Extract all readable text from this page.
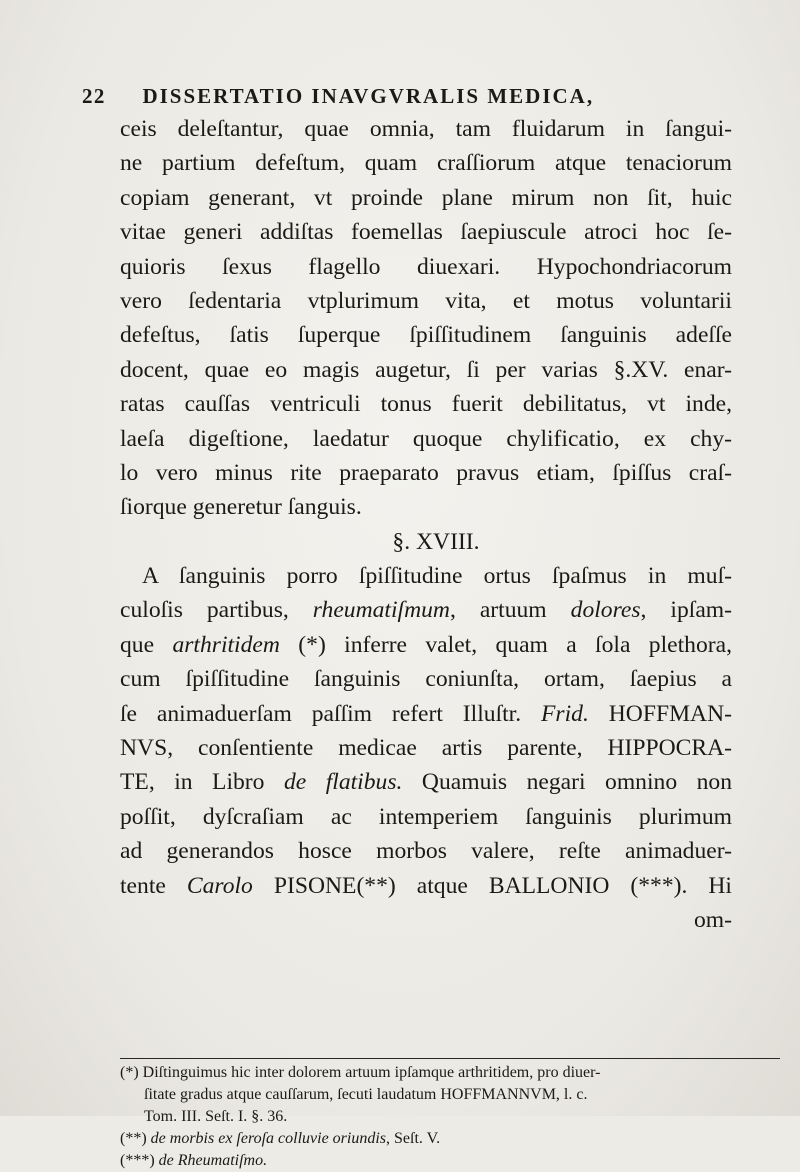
22 DISSERTATIO INAVGVRALIS MEDICA,
ceis deleſtantur, quae omnia, tam fluidarum in ſangui-
ne partium defeſtum, quam craſſiorum atque tenaciorum
copiam generant, vt proinde plane mirum non ſit, huic
vitae generi addiſtas foemellas ſaepiuscule atroci hoc ſe-
quioris ſexus flagello diuexari. Hypochondriacorum
vero ſedentaria vtplurimum vita, et motus voluntarii
defeſtus, ſatis ſuperque ſpiſſitudinem ſanguinis adeſſe
docent, quae eo magis augetur, ſi per varias §.XV. enar-
ratas cauſſas ventriculi tonus fuerit debilitatus, vt inde,
laeſa digeſtione, laedatur quoque chylificatio, ex chy-
lo vero minus rite praeparato pravus etiam, ſpiſſus craſ-
ſiorque generetur ſanguis.
§. XVIII.
A ſanguinis porro ſpiſſitudine ortus ſpaſmus in muſ-
culoſis partibus, rheumatiſmum, artuum dolores, ipſam-
que arthritidem (*) inferre valet, quam a ſola plethora,
cum ſpiſſitudine ſanguinis coniunſta, ortam, ſaepius a
ſe animaduerſam paſſim refert Illuſtr. Frid. HOFFMAN-
NVS, conſentiente medicae artis parente, HIPPOCRA-
TE, in Libro de flatibus. Quamuis negari omnino non
poſſit, dyſcraſiam ac intemperiem ſanguinis plurimum
ad generandos hosce morbos valere, reſte animaduer-
tente Carolo PISONE(**) atque BALLONIO (***). Hi
om-
(*) Diſtinguimus hic inter dolorem artuum ipſamque arthritidem, pro diuer-
ſitate gradus atque cauſſarum, ſecuti laudatum HOFFMANNVM, l. c.
Tom. III. Seſt. I. §. 36.
(**) de morbis ex ſeroſa colluvie oriundis, Seſt. V.
(***) de Rheumatiſmo.
